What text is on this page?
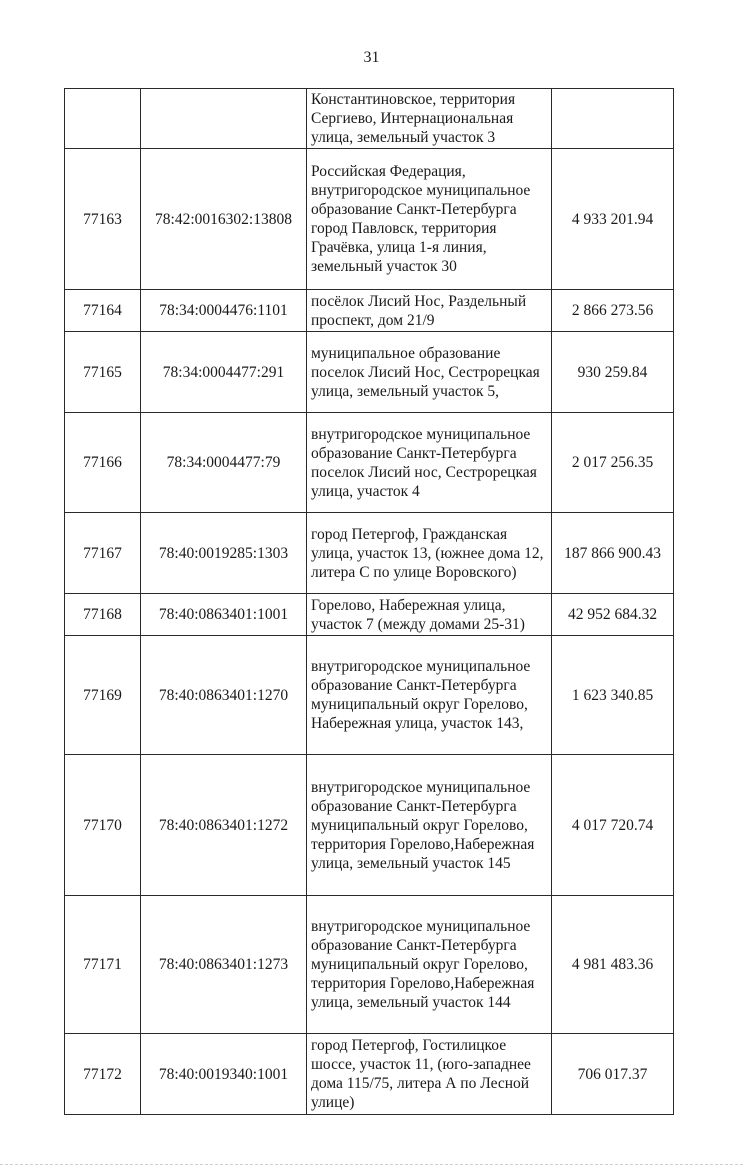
31
		Константиновское, территория Сергиево, Интернациональная улица, земельный участок 3	
77163	78:42:0016302:13808	Российская Федерация, внутригородское муниципальное образование Санкт-Петербурга город Павловск, территория Грачёвка, улица 1-я линия, земельный участок 30	4 933 201.94
77164	78:34:0004476:1101	посёлок Лисий Нос, Раздельный проспект, дом 21/9	2 866 273.56
77165	78:34:0004477:291	муниципальное образование поселок Лисий Нос, Сестрорецкая улица, земельный участок 5,	930 259.84
77166	78:34:0004477:79	внутригородское муниципальное образование Санкт-Петербурга поселок Лисий нос, Сестрорецкая улица, участок 4	2 017 256.35
77167	78:40:0019285:1303	город Петергоф, Гражданская улица, участок 13, (южнее дома 12, литера С по улице Воровского)	187 866 900.43
77168	78:40:0863401:1001	Горелово, Набережная улица, участок 7 (между домами 25-31)	42 952 684.32
77169	78:40:0863401:1270	внутригородское муниципальное образование Санкт-Петербурга муниципальный округ Горелово, Набережная улица, участок 143,	1 623 340.85
77170	78:40:0863401:1272	внутригородское муниципальное образование Санкт-Петербурга муниципальный округ Горелово, территория Горелово,Набережная улица, земельный участок 145	4 017 720.74
77171	78:40:0863401:1273	внутригородское муниципальное образование Санкт-Петербурга муниципальный округ Горелово, территория Горелово,Набережная улица, земельный участок 144	4 981 483.36
77172	78:40:0019340:1001	город Петергоф, Гостилицкое шоссе, участок 11, (юго-западнее дома 115/75, литера А по Лесной улице)	706 017.37
